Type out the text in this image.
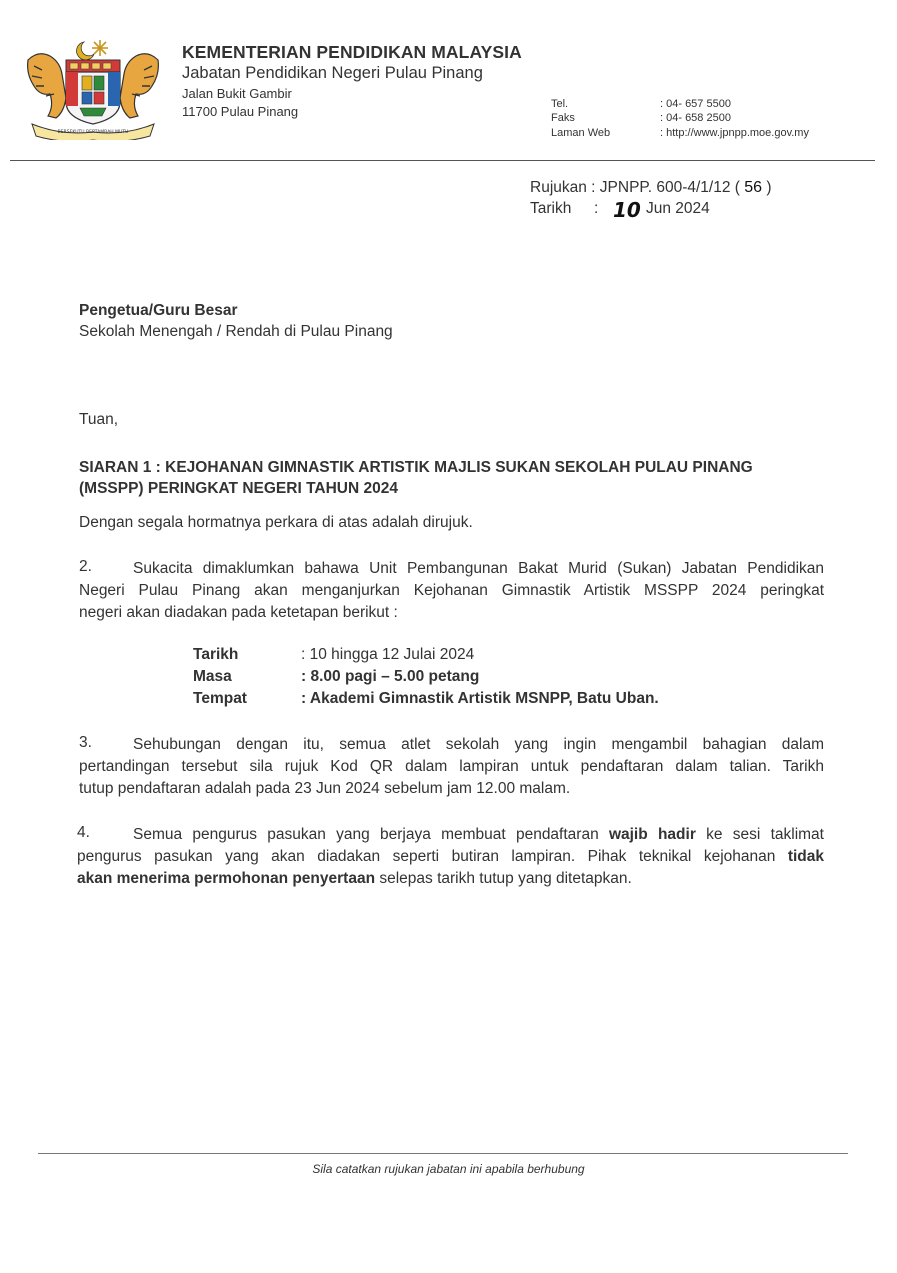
BERSEKUTU BERTAMBAH MUTU
KEMENTERIAN PENDIDIKAN MALAYSIA
Jabatan Pendidikan Negeri Pulau Pinang
Jalan Bukit Gambir
11700 Pulau Pinang	Tel.	: 04- 657 5500
Faks	: 04- 658 2500
Laman Web	: http://www.jpnpp.moe.gov.my
Rujukan : JPNPP. 600-4/1/12 ( 56 )
Tarikh : 10 Jun 2024
Pengetua/Guru Besar
Sekolah Menengah / Rendah di Pulau Pinang
Tuan,
SIARAN 1 : KEJOHANAN GIMNASTIK ARTISTIK MAJLIS SUKAN SEKOLAH PULAU PINANG
(MSSPP) PERINGKAT NEGERI TAHUN 2024
Dengan segala hormatnya perkara di atas adalah dirujuk.
2.	Sukacita dimaklumkan bahawa Unit Pembangunan Bakat Murid (Sukan) Jabatan Pendidikan
Negeri Pulau Pinang akan menganjurkan Kejohanan Gimnastik Artistik MSSPP 2024 peringkat
negeri akan diadakan pada ketetapan berikut :
Tarikh	: 10 hingga 12 Julai 2024
Masa	: 8.00 pagi – 5.00 petang
Tempat	: Akademi Gimnastik Artistik MSNPP, Batu Uban.
3.	Sehubungan dengan itu, semua atlet sekolah yang ingin mengambil bahagian dalam
pertandingan tersebut sila rujuk Kod QR dalam lampiran untuk pendaftaran dalam talian. Tarikh
tutup pendaftaran adalah pada 23 Jun 2024 sebelum jam 12.00 malam.
4.	Semua pengurus pasukan yang berjaya membuat pendaftaran wajib hadir ke sesi taklimat
pengurus pasukan yang akan diadakan seperti butiran lampiran. Pihak teknikal kejohanan tidak
akan menerima permohonan penyertaan selepas tarikh tutup yang ditetapkan.
Sila catatkan rujukan jabatan ini apabila berhubung
